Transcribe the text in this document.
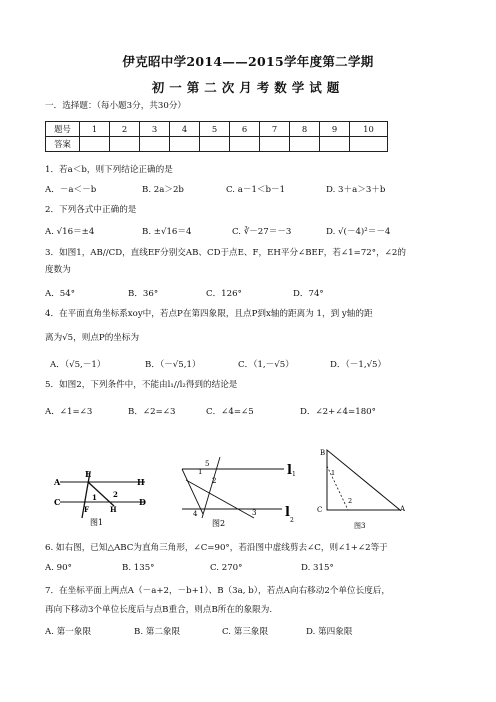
伊克昭中学2014——2015学年度第二学期
初一第二次月考数学试题
一．选择题：（每小题3分，共30分）
题号	1	2	3	4	5	6	7	8	9	10
答案										
1．若a＜b，则下列结论正确的是
A．－a＜－b	B. 2a＞2b	C. a－1＜b－1	D. 3＋a＞3＋b
2．下列各式中正确的是
A. √16＝±4	B. ±√16＝4	C. ∛－27＝－3	D. √(－4)²＝－4
3．如图1，AB//CD，直线EF分别交AB、CD于点E、F，EH平分∠BEF，若∠1=72°，∠2的
度数为
A．54°	B．36°	C．126°	D．74°
4．在平面直角坐标系xoy中，若点P在第四象限，且点P到x轴的距离为 1，到 y轴的距
离为√5，则点P的坐标为
A．（√5,－1）	B．（－√5,1）	C．（1,－√5）	D．（－1,√5）
5．如图2，下列条件中，不能由l₁//l₂得到的结论是
A．∠1=∠3	B．∠2=∠3	C．∠4=∠5	D．∠2+∠4=180°
A
E
H
C
F	H
D
1 2
图1
5
1
2
4	3
l 1
l
2
图2
B
1
2
C	A
图3
6. 如右图，已知△ABC为直角三角形，∠C=90°，若沿图中虚线剪去∠C，则∠1+∠2等于
A. 90°	B. 135°	C. 270°	D. 315°
7．在坐标平面上两点A（－a+2，－b+1）、B（3a, b），若点A向右移动2个单位长度后，
再向下移动3个单位长度后与点B重合，则点B所在的象限为.
A. 第一象限	B. 第二象限	C. 第三象限	D. 第四象限
